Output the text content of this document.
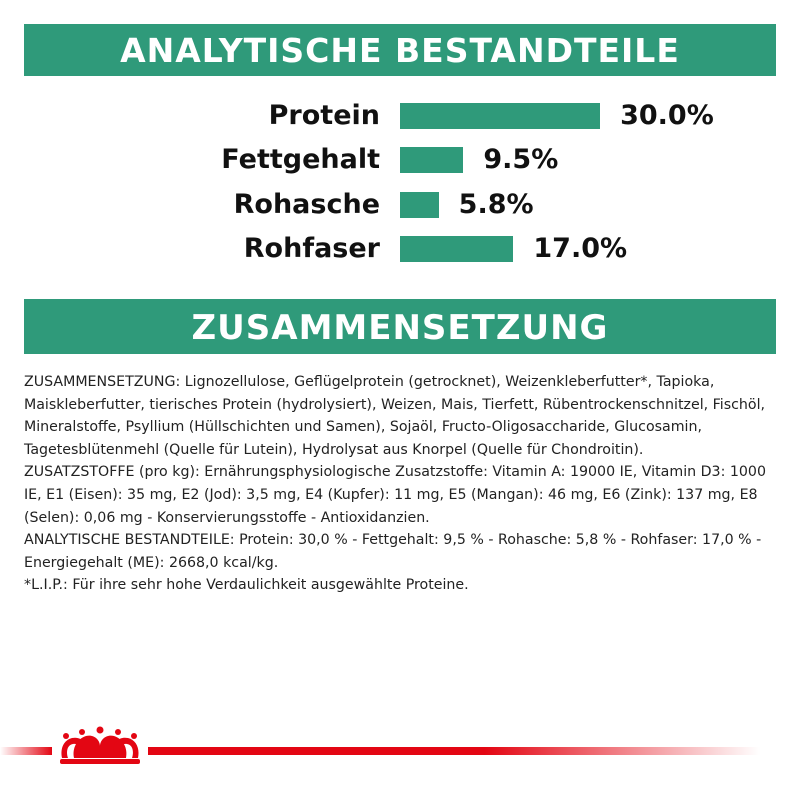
ANALYTISCHE BESTANDTEILE
Protein	30.0%
Fettgehalt	9.5%
Rohasche	5.8%
Rohfaser	17.0%
ZUSAMMENSETZUNG

ZUSAMMENSETZUNG: Lignozellulose, Geflügelprotein (getrocknet), Weizenkleberfutter*, Tapioka, Maiskleberfutter, tierisches Protein (hydrolysiert), Weizen, Mais, Tierfett, Rübentrockenschnitzel, Fischöl, Mineralstoffe, Psyllium (Hüllschichten und Samen), Sojaöl, Fructo-Oligosaccharide, Glucosamin, Tagetesblütenmehl (Quelle für Lutein), Hydrolysat aus Knorpel (Quelle für Chondroitin).

ZUSATZSTOFFE (pro kg): Ernährungsphysiologische Zusatzstoffe: Vitamin A: 19000 IE, Vitamin D3: 1000 IE, E1 (Eisen): 35 mg, E2 (Jod): 3,5 mg, E4 (Kupfer): 11 mg, E5 (Mangan): 46 mg, E6 (Zink): 137 mg, E8 (Selen): 0,06 mg - Konservierungsstoffe - Antioxidanzien.

ANALYTISCHE BESTANDTEILE: Protein: 30,0 % - Fettgehalt: 9,5 % - Rohasche: 5,8 % - Rohfaser: 17,0 % - Energiegehalt (ME): 2668,0 kcal/kg.

*L.I.P.: Für ihre sehr hohe Verdaulichkeit ausgewählte Proteine.
